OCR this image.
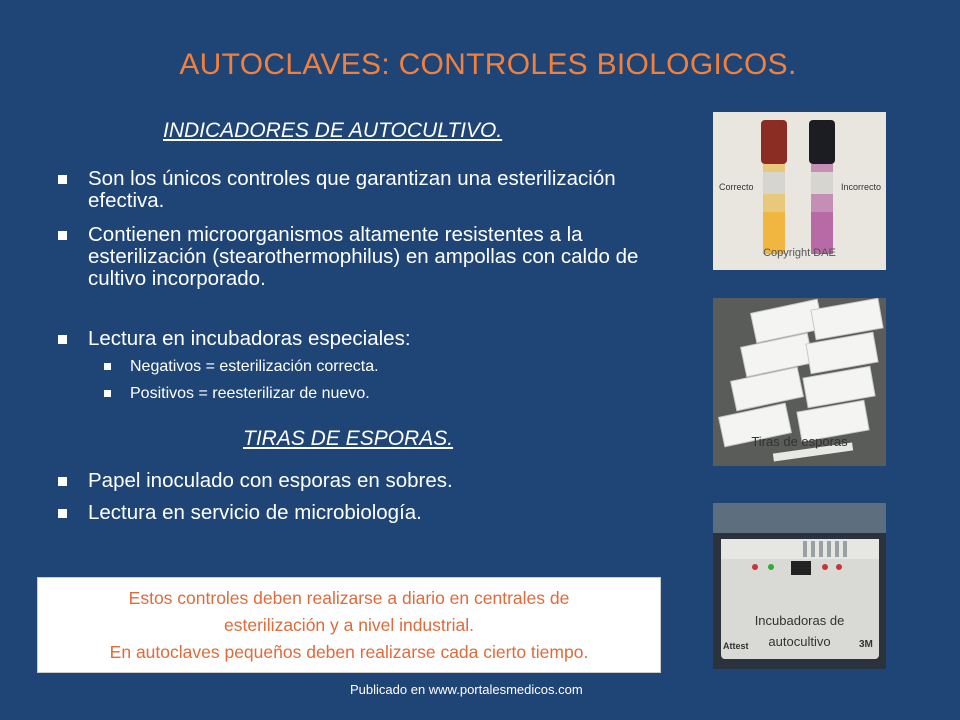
AUTOCLAVES: CONTROLES BIOLOGICOS.
INDICADORES DE AUTOCULTIVO.
Son los únicos controles que garantizan una esterilización efectiva.
Contienen microorganismos altamente resistentes a la esterilización (stearothermophilus) en ampollas con caldo de cultivo incorporado.
Lectura en incubadoras especiales:
Negativos = esterilización correcta.
Positivos = reesterilizar de nuevo.
TIRAS DE ESPORAS.
Papel inoculado con esporas en sobres.
Lectura en servicio de microbiología.
Estos controles deben realizarse a diario en centrales de
esterilización y a nivel industrial.
En autoclaves pequeños deben realizarse cada cierto tiempo.
Publicado en www.portalesmedicos.com
Correcto	Incorrecto
Copyright DAE
Tiras de esporas
Attest	3M
Incubadoras de
autocultivo
